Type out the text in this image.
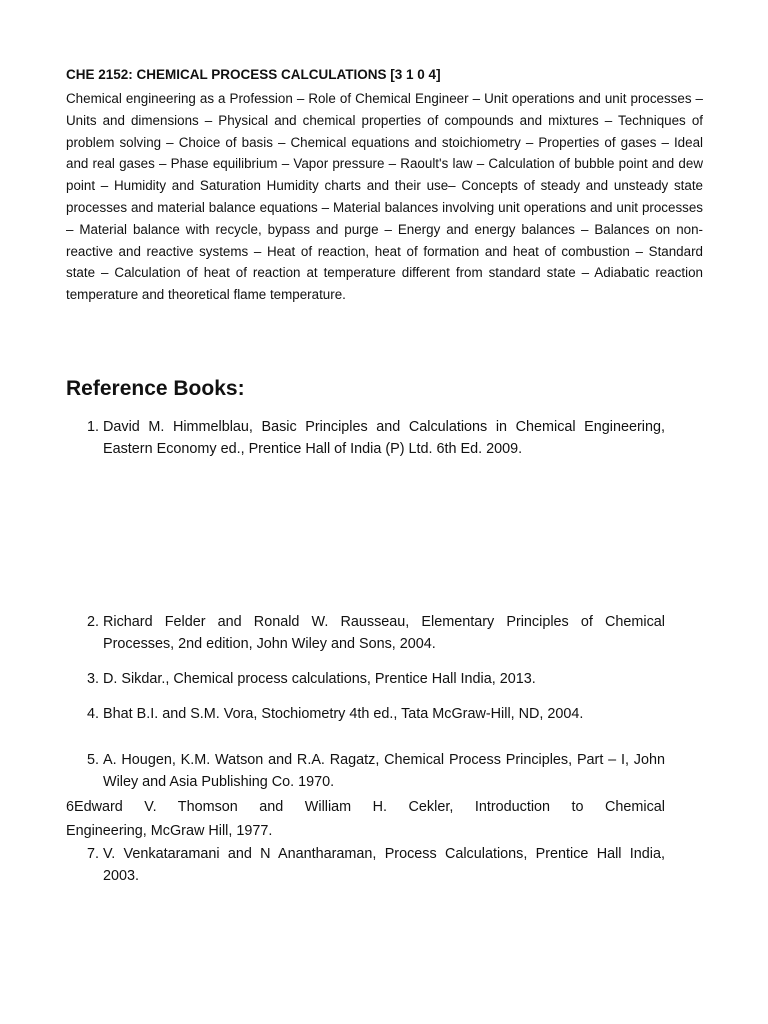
CHE 2152: CHEMICAL PROCESS CALCULATIONS [3 1 0 4]

Chemical engineering as a Profession – Role of Chemical Engineer – Unit operations and unit processes –Units and dimensions – Physical and chemical properties of compounds and mixtures – Techniques of problem solving – Choice of basis – Chemical equations and stoichiometry – Properties of gases – Ideal and real gases – Phase equilibrium – Vapor pressure – Raoult's law – Calculation of bubble point and dew point – Humidity and Saturation Humidity charts and their use– Concepts of steady and unsteady state processes and material balance equations – Material balances involving unit operations and unit processes – Material balance with recycle, bypass and purge – Energy and energy balances – Balances on non-reactive and reactive systems – Heat of reaction, heat of formation and heat of combustion – Standard state – Calculation of heat of reaction at temperature different from standard state – Adiabatic reaction temperature and theoretical flame temperature.

Reference Books:
1. David M. Himmelblau, Basic Principles and Calculations in Chemical Engineering, Eastern Economy ed., Prentice Hall of India (P) Ltd. 6th Ed. 2009.
2. Richard Felder and Ronald W. Rausseau, Elementary Principles of Chemical Processes, 2nd edition, John Wiley and Sons, 2004.
3. D. Sikdar., Chemical process calculations, Prentice Hall India, 2013.
4. Bhat B.I. and S.M. Vora, Stochiometry 4th ed., Tata McGraw-Hill, ND, 2004.
5. A. Hougen, K.M. Watson and R.A. Ragatz, Chemical Process Principles, Part – I, John Wiley and Asia Publishing Co. 1970.
6Edward V. Thomson and William H. Cekler, Introduction to Chemical
Engineering, McGraw Hill, 1977.
7. V. Venkataramani and N Anantharaman, Process Calculations, Prentice Hall India, 2003.
